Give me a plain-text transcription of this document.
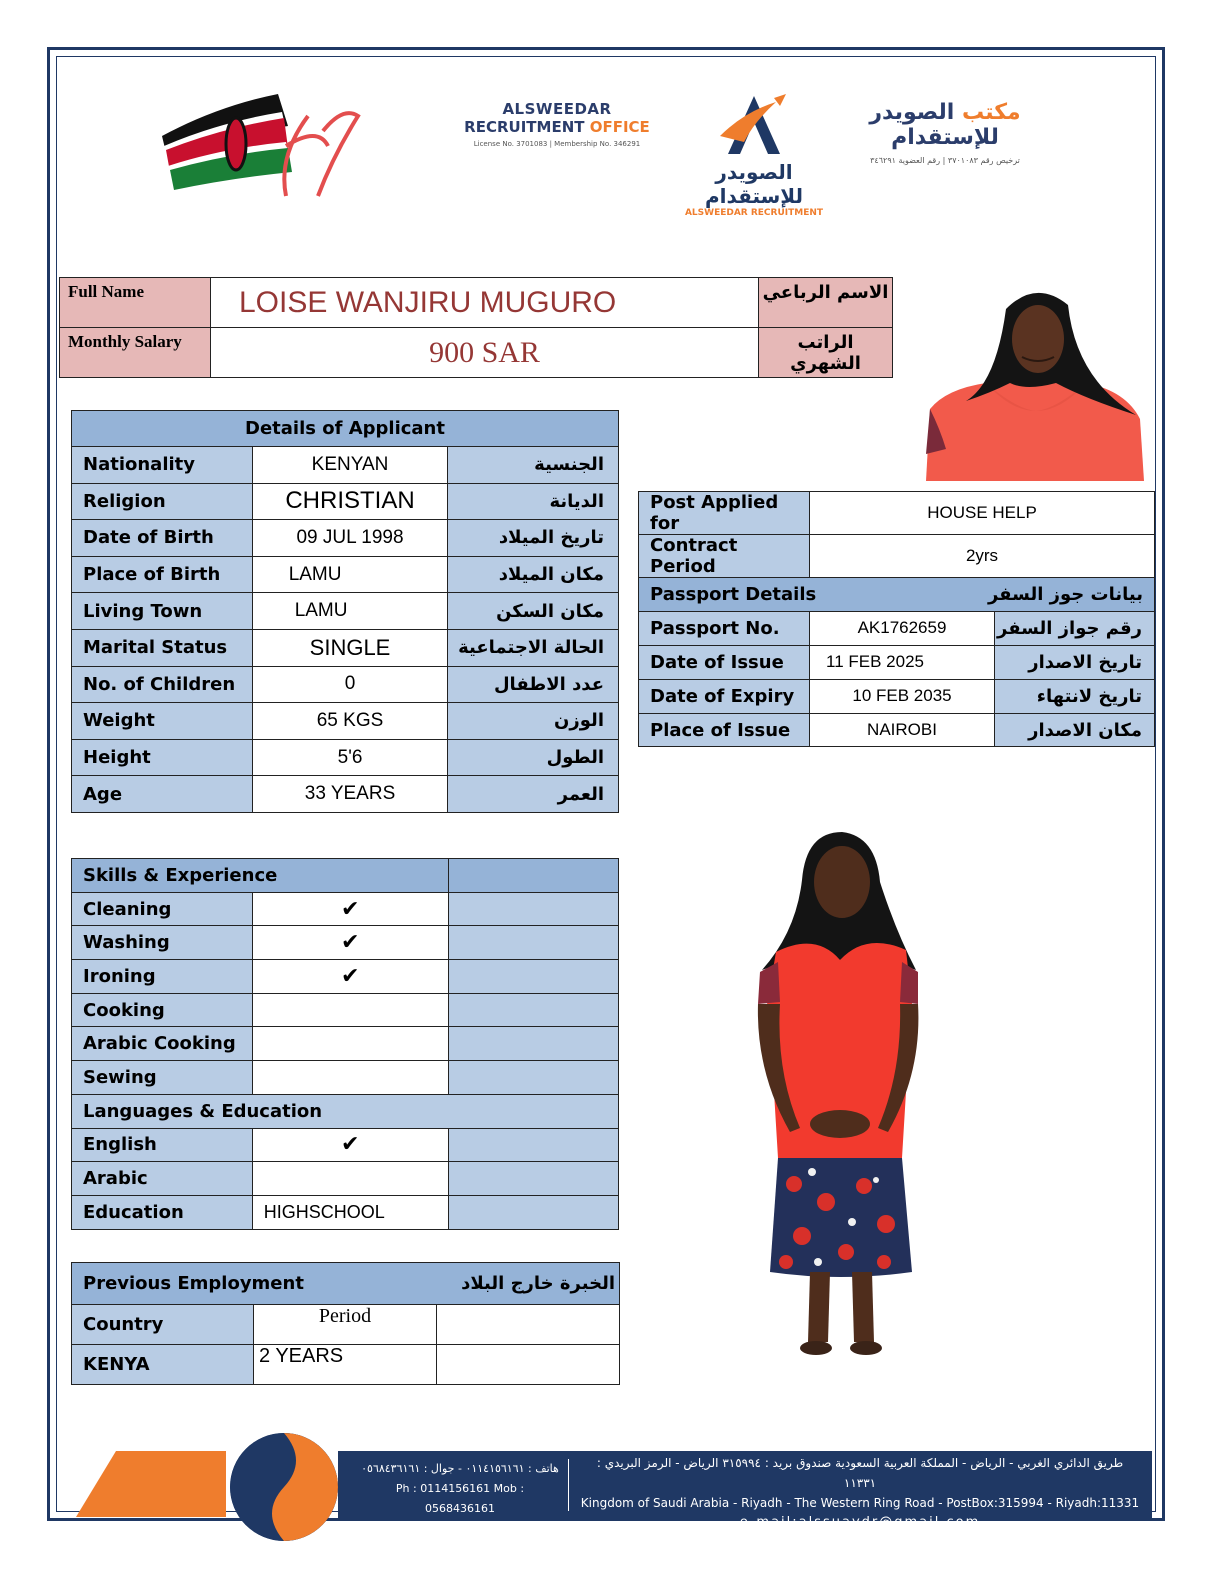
ALSWEEDAR
RECRUITMENT OFFICE
License No. 3701083 | Membership No. 346291
الصويدر للإستقدام
ALSWEEDAR RECRUITMENT
مكتب الصويدر للإستقدام
ترخيص رقم ٣٧٠١٠٨٣ | رقم العضوية ٣٤٦٢٩١
Full Name	LOISE WANJIRU MUGURO	الاسم الرباعي
Monthly Salary	900 SAR	الراتب الشهري
Details of Applicant		
Nationality	KENYAN	الجنسية
Religion	CHRISTIAN	الديانة
Date of Birth	09 JUL 1998	تاريخ الميلاد
Place of Birth	LAMU	مكان الميلاد
Living Town	LAMU	مكان السكن
Marital Status	SINGLE	الحالة الاجتماعية
No. of Children	0	عدد الاطفال
Weight	65 KGS	الوزن
Height	5'6	الطول
Age	33 YEARS	العمر
Post Applied for	HOUSE HELP	
Contract Period	2yrs	
Passport Details بيانات جوز السفر		

Passport No.	AK1762659	رقم جواز السفر
Date of Issue	11 FEB 2025	تاريخ الاصدار
Date of Expiry	10 FEB 2035	تاريخ لانتهاء
Place of Issue	NAIROBI	مكان الاصدار
Skills & Experience		
Cleaning	✔	
Washing	✔	
Ironing	✔	
Cooking		
Arabic Cooking		
Sewing		
Languages & Education		
English	✔	
Arabic		
Education	HIGHSCHOOL	
Previous Employment الخبرة خارج البلاد		

Country	Period	
KENYA	2 YEARS	
هاتف : ٠١١٤١٥٦١٦١ - جوال : ٠٥٦٨٤٣٦١٦١
Ph : 0114156161 Mob : 0568436161
طريق الدائري الغربي - الرياض - المملكة العربية السعودية صندوق بريد : ٣١٥٩٩٤ الرياض - الرمز البريدي : ١١٣٣١
Kingdom of Saudi Arabia - Riyadh - The Western Ring Road - PostBox:315994 - Riyadh:11331
e-mail:alssuaydr@gmail.com
